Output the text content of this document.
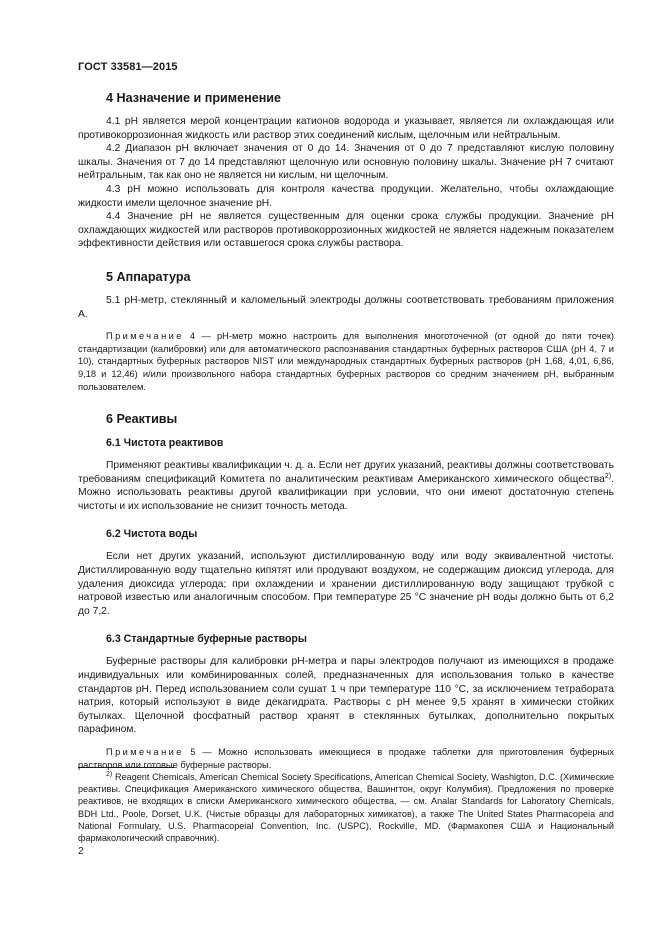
ГОСТ 33581—2015
4 Назначение и применение

4.1 pH является мерой концентрации катионов водорода и указывает, является ли охлаждающая или противокоррозионная жидкость или раствор этих соединений кислым, щелочным или нейтральным.

4.2 Диапазон pH включает значения от 0 до 14. Значения от 0 до 7 представляют кислую половину шкалы. Значения от 7 до 14 представляют щелочную или основную половину шкалы. Значение pH 7 считают нейтральным, так как оно не является ни кислым, ни щелочным.

4.3 pH можно использовать для контроля качества продукции. Желательно, чтобы охлаждающие жидкости имели щелочное значение pH.

4.4 Значение pH не является существенным для оценки срока службы продукции. Значение pH охлаждающих жидкостей или растворов противокоррозионных жидкостей не является надежным показателем эффективности действия или оставшегося срока службы раствора.

5 Аппаратура

5.1 pH-метр, стеклянный и каломельный электроды должны соответствовать требованиям приложения А.

Примечание 4 — pH-метр можно настроить для выполнения многоточечной (от одной до пяти точек) стандартизации (калибровки) или для автоматического распознавания стандартных буферных растворов США (pH 4, 7 и 10), стандартных буферных растворов NIST или международных стандартных буферных растворов (pH 1,68, 4,01, 6,86, 9,18 и 12,46) и/или произвольного набора стандартных буферных растворов со средним значением pH, выбранным пользователем.

6 Реактивы
6.1 Чистота реактивов

Применяют реактивы квалификации ч. д. а. Если нет других указаний, реактивы должны соответствовать требованиям спецификаций Комитета по аналитическим реактивам Американского химического общества$^{2)}$. Можно использовать реактивы другой квалификации при условии, что они имеют достаточную степень чистоты и их использование не снизит точность метода.

6.2 Чистота воды

Если нет других указаний, используют дистиллированную воду или воду эквивалентной чистоты. Дистиллированную воду тщательно кипятят или продувают воздухом, не содержащим диоксид углерода, для удаления диоксида углерода; при охлаждении и хранении дистиллированную воду защищают трубкой с натровой известью или аналогичным способом. При температуре 25 °С значение pH воды должно быть от 6,2 до 7,2.

6.3 Стандартные буферные растворы

Буферные растворы для калибровки pH-метра и пары электродов получают из имеющихся в продаже индивидуальных или комбинированных солей, предназначенных для использования только в качестве стандартов pH. Перед использованием соли сушат 1 ч при температуре 110 °С, за исключением тетрабората натрия, который используют в виде декагидрата. Растворы с pH менее 9,5 хранят в химически стойких бутылках. Щелочной фосфатный раствор хранят в стеклянных бутылках, дополнительно покрытых парафином.

Примечание 5 — Можно использовать имеющиеся в продаже таблетки для приготовления буферных растворов или готовые буферные растворы.

$^{2)}$ Reagent Chemicals, American Chemical Society Specifications, American Chemical Society, Washigton, D.C. (Химические реактивы. Спецификация Американского химического общества, Вашингтон, округ Колумбия). Предложения по проверке реактивов, не входящих в списки Американского химического общества, — см. Analar Standards for Laboratory Chemicals, BDH Ltd., Poole, Dorset, U.K. (Чистые образцы для лабораторных химикатов), а также The United States Pharmacopeia and National Formulary, U.S. Pharmacopeial Convention, Inc. (USPC), Rockville, MD. (Фармакопея США и Национальный фармакологический справочник).

2
